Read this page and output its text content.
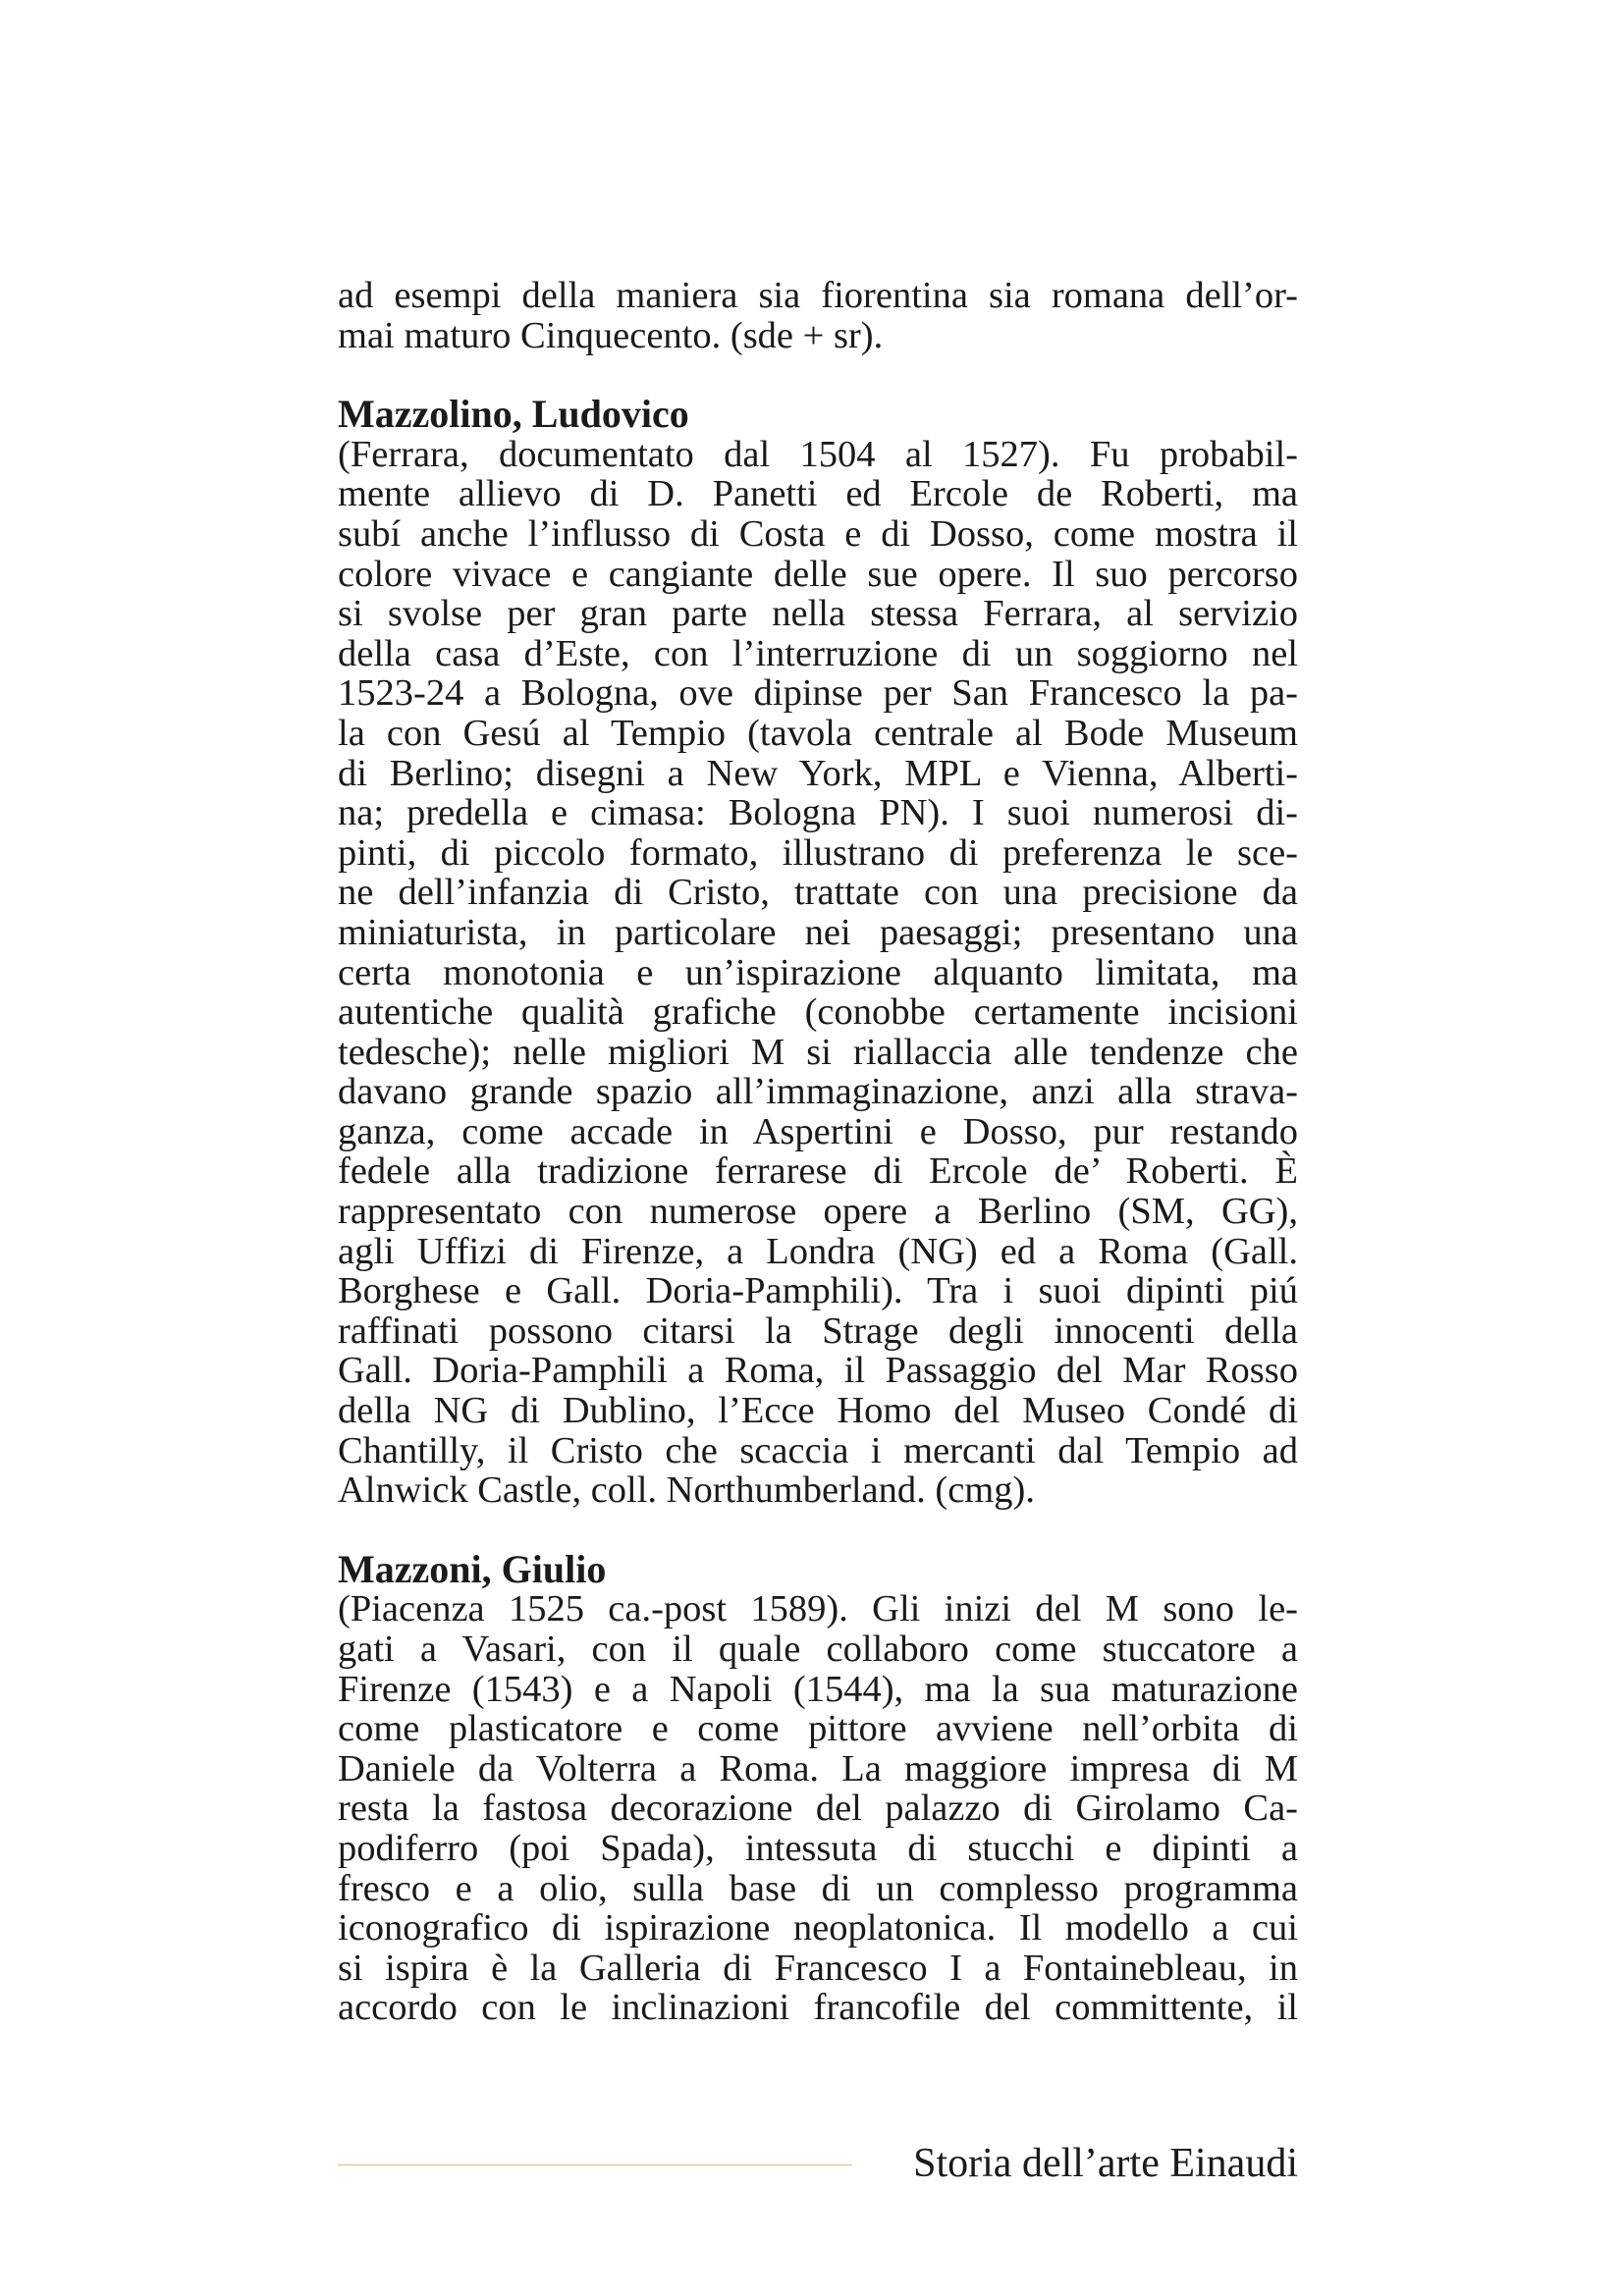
ad esempi della maniera sia fiorentina sia romana dell’or-
mai maturo Cinquecento. (sde + sr).
Mazzolino, Ludovico
(Ferrara, documentato dal 1504 al 1527). Fu probabil-
mente allievo di D. Panetti ed Ercole de Roberti, ma
subí anche l’influsso di Costa e di Dosso, come mostra il
colore vivace e cangiante delle sue opere. Il suo percorso
si svolse per gran parte nella stessa Ferrara, al servizio
della casa d’Este, con l’interruzione di un soggiorno nel
1523-24 a Bologna, ove dipinse per San Francesco la pa-
la con Gesú al Tempio (tavola centrale al Bode Museum
di Berlino; disegni a New York, MPL e Vienna, Alberti-
na; predella e cimasa: Bologna PN). I suoi numerosi di-
pinti, di piccolo formato, illustrano di preferenza le sce-
ne dell’infanzia di Cristo, trattate con una precisione da
miniaturista, in particolare nei paesaggi; presentano una
certa monotonia e un’ispirazione alquanto limitata, ma
autentiche qualità grafiche (conobbe certamente incisioni
tedesche); nelle migliori M si riallaccia alle tendenze che
davano grande spazio all’immaginazione, anzi alla strava-
ganza, come accade in Aspertini e Dosso, pur restando
fedele alla tradizione ferrarese di Ercole de’ Roberti. È
rappresentato con numerose opere a Berlino (SM, GG),
agli Uffizi di Firenze, a Londra (NG) ed a Roma (Gall.
Borghese e Gall. Doria-Pamphili). Tra i suoi dipinti piú
raffinati possono citarsi la Strage degli innocenti della
Gall. Doria-Pamphili a Roma, il Passaggio del Mar Rosso
della NG di Dublino, l’Ecce Homo del Museo Condé di
Chantilly, il Cristo che scaccia i mercanti dal Tempio ad
Alnwick Castle, coll. Northumberland. (cmg).
Mazzoni, Giulio
(Piacenza 1525 ca.-post 1589). Gli inizi del M sono le-
gati a Vasari, con il quale collaboro come stuccatore a
Firenze (1543) e a Napoli (1544), ma la sua maturazione
come plasticatore e come pittore avviene nell’orbita di
Daniele da Volterra a Roma. La maggiore impresa di M
resta la fastosa decorazione del palazzo di Girolamo Ca-
podiferro (poi Spada), intessuta di stucchi e dipinti a
fresco e a olio, sulla base di un complesso programma
iconografico di ispirazione neoplatonica. Il modello a cui
si ispira è la Galleria di Francesco I a Fontainebleau, in
accordo con le inclinazioni francofile del committente, il
Storia dell’arte Einaudi
